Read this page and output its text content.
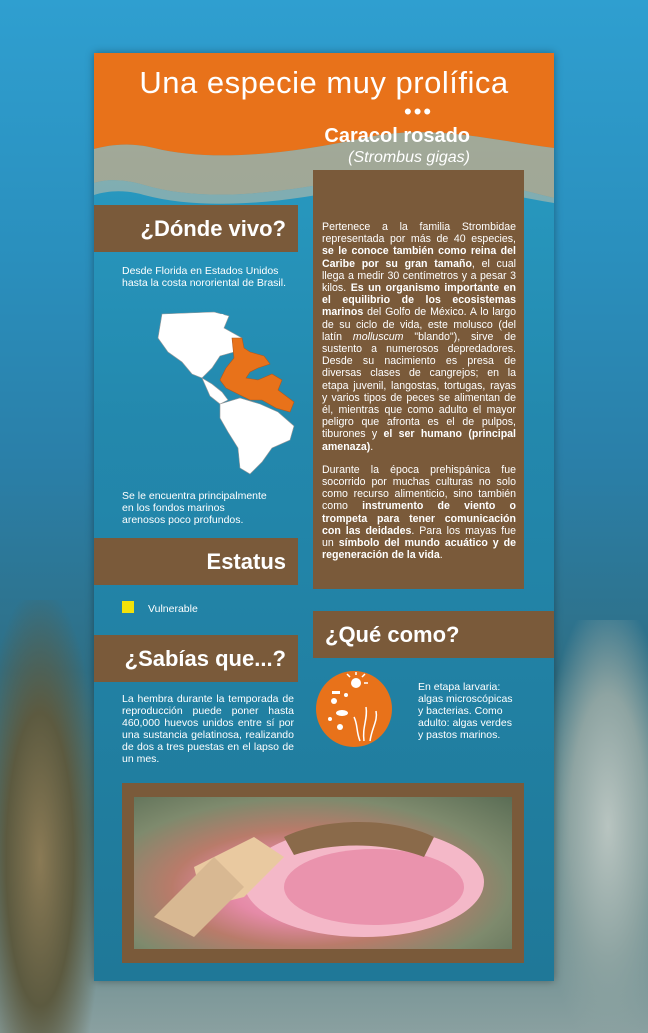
Una especie muy prolífica
•••
Caracol rosado
(Strombus gigas)

Pertenece a la familia Strombidae representada por más de 40 especies, se le conoce también como reina del Caribe por su gran tamaño, el cual llega a medir 30 centímetros y a pesar 3 kilos. Es un organismo importante en el equilibrio de los ecosistemas marinos del Golfo de México. A lo largo de su ciclo de vida, este molusco (del latín molluscum "blando"), sirve de sustento a numerosos depredadores. Desde su nacimiento es presa de diversas clases de cangrejos; en la etapa juvenil, langostas, tortugas, rayas y varios tipos de peces se alimentan de él, mientras que como adulto el mayor peligro que afronta es el de pulpos, tiburones y el ser humano (principal amenaza).

Durante la época prehispánica fue socorrido por muchas culturas no solo como recurso alimenticio, sino también como instrumento de viento o trompeta para tener comunicación con las deidades. Para los mayas fue un símbolo del mundo acuático y de regeneración de la vida.

¿Dónde vivo?
Desde Florida en Estados Unidos hasta la costa nororiental de Brasil.
Se le encuentra principalmente en los fondos marinos arenosos poco profundos.
Estatus
Vulnerable
¿Sabías que...?
La hembra durante la temporada de reproducción puede poner hasta 460,000 huevos unidos entre sí por una sustancia gelatinosa, realizando de dos a tres puestas en el lapso de un mes.
¿Qué como?
En etapa larvaria: algas microscópicas y bacterias. Como adulto: algas verdes y pastos marinos.
